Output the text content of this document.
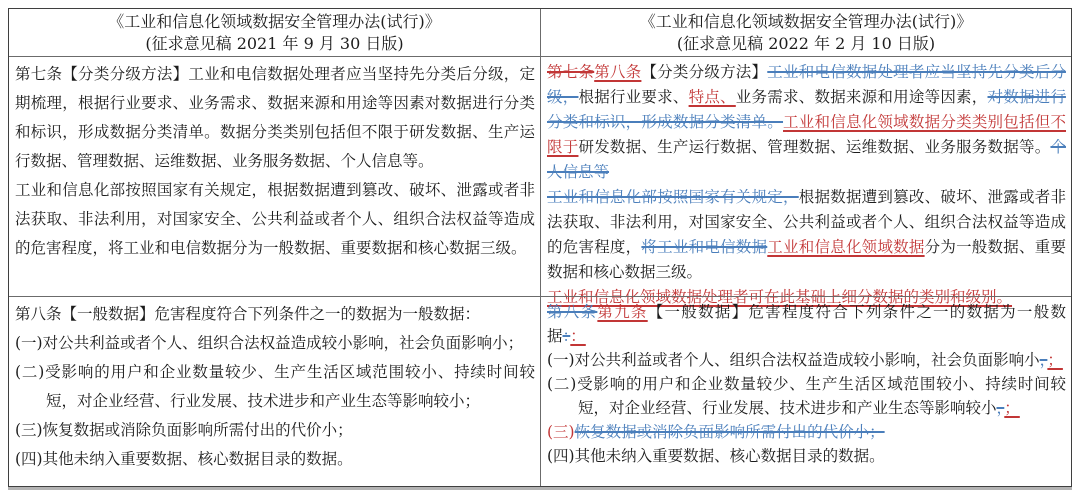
《工业和信息化领域数据安全管理办法(试行)》
(征求意见稿 2021 年 9 月 30 日版)
《工业和信息化领域数据安全管理办法(试行)》
(征求意见稿 2022 年 2 月 10 日版)

第七条【分类分级方法】工业和电信数据处理者应当坚持先分类后分级，定期梳理，根据行业要求、业务需求、数据来源和用途等因素对数据进行分类和标识，形成数据分类清单。数据分类类别包括但不限于研发数据、生产运行数据、管理数据、运维数据、业务服务数据、个人信息等。

工业和信息化部按照国家有关规定，根据数据遭到篡改、破坏、泄露或者非法获取、非法利用，对国家安全、公共利益或者个人、组织合法权益等造成的危害程度，将工业和电信数据分为一般数据、重要数据和核心数据三级。

第七条第八条【分类分级方法】工业和电信数据处理者应当坚持先分类后分级，根据行业要求、特点、业务需求、数据来源和用途等因素，对数据进行分类和标识，形成数据分类清单。工业和信息化领域数据分类类别包括但不限于研发数据、生产运行数据、管理数据、运维数据、业务服务数据等。个人信息等

工业和信息化部按照国家有关规定，根据数据遭到篡改、破坏、泄露或者非法获取、非法利用，对国家安全、公共利益或者个人、组织合法权益等造成的危害程度，将工业和电信数据工业和信息化领域数据分为一般数据、重要数据和核心数据三级。

工业和信息化领域数据处理者可在此基础上细分数据的类别和级别。

第八条【一般数据】危害程度符合下列条件之一的数据为一般数据：

(一)对公共利益或者个人、组织合法权益造成较小影响，社会负面影响小；

(二)受影响的用户和企业数量较少、生产生活区域范围较小、持续时间较短，对企业经营、行业发展、技术进步和产业生态等影响较小；

(三)恢复数据或消除负面影响所需付出的代价小；

(四)其他未纳入重要数据、核心数据目录的数据。

第八条第九条【一般数据】危害程度符合下列条件之一的数据为一般数据：：

(一)对公共利益或者个人、组织合法权益造成较小影响，社会负面影响小，；

(二)受影响的用户和企业数量较少、生产生活区域范围较小、持续时间较短，对企业经营、行业发展、技术进步和产业生态等影响较小，；

(三)恢复数据或消除负面影响所需付出的代价小；

(四)其他未纳入重要数据、核心数据目录的数据。
